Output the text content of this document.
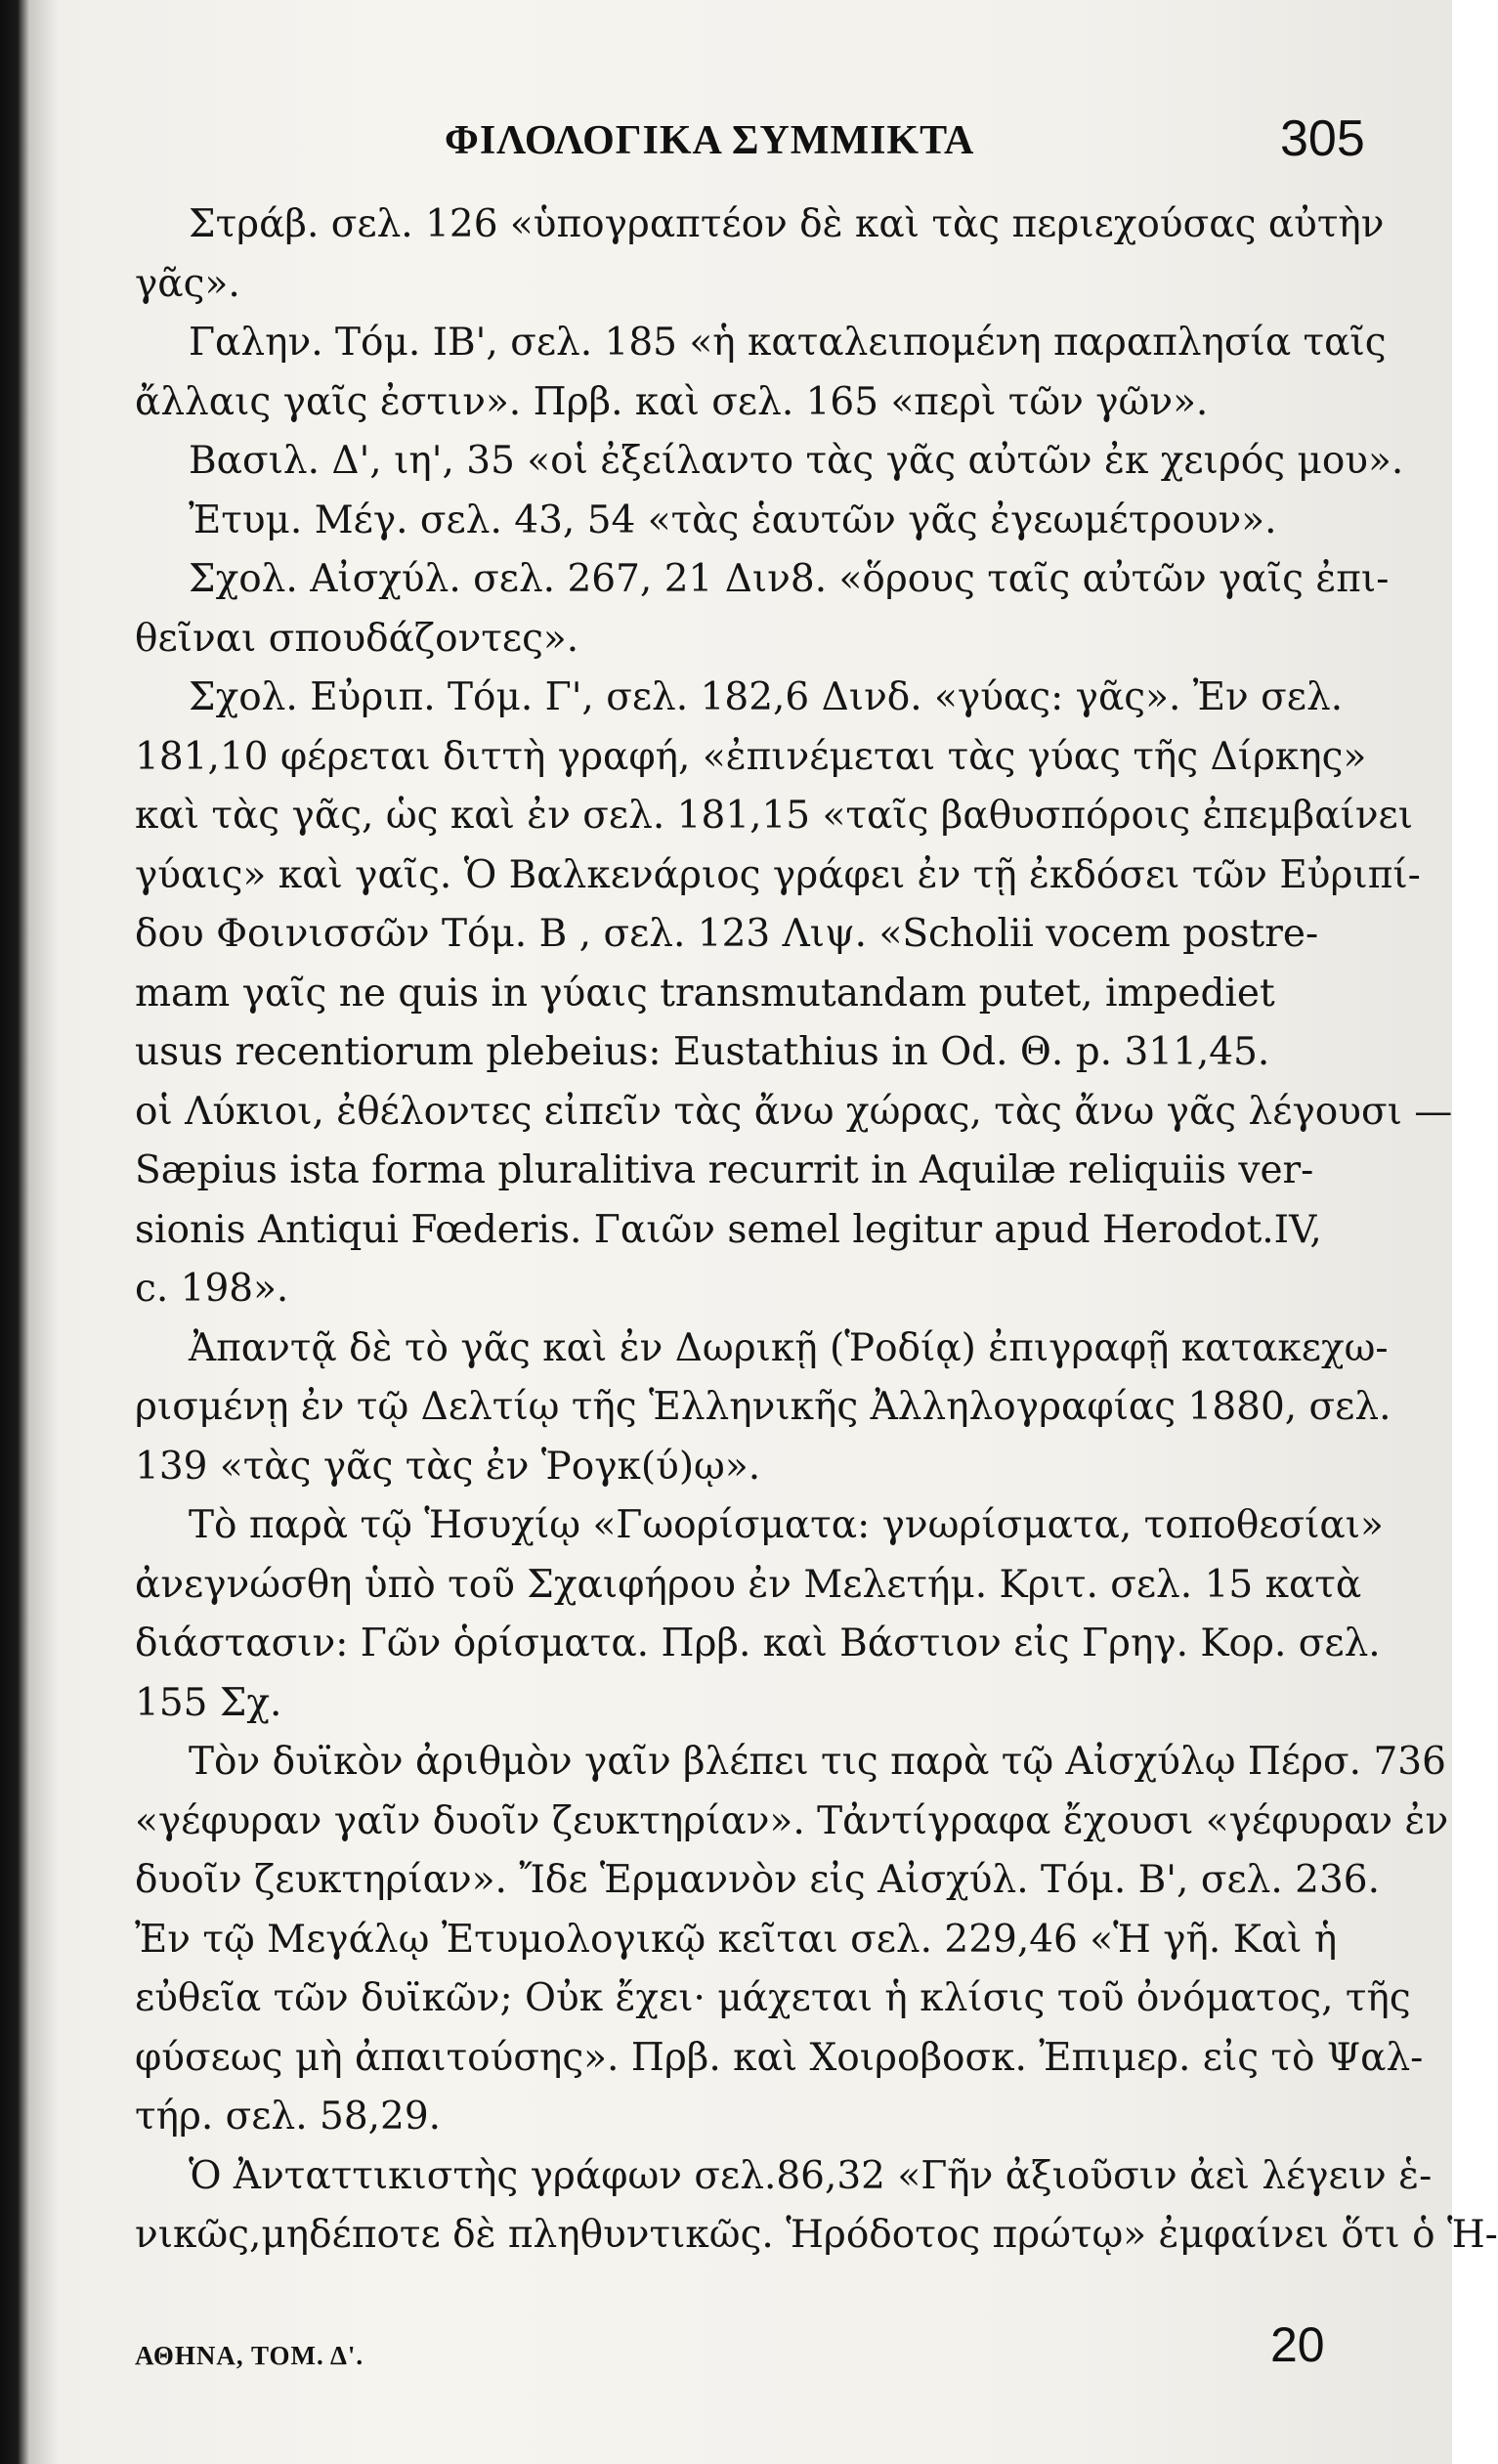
ΦΙΛΟΛΟΓΙΚΑ ΣΥΜΜΙΚΤΑ	305

Στράβ. σελ. 126 «ὑπογραπτέον δὲ καὶ τὰς περιεχούσας αὐτὴν
γᾶς».

Γαλην. Τόμ. ΙΒ', σελ. 185 «ἡ καταλειπομένη παραπλησία ταῖς
ἄλλαις γαῖς ἐστιν». Πρβ. καὶ σελ. 165 «περὶ τῶν γῶν».

Βασιλ. Δ', ιη', 35 «οἱ ἐξείλαντο τὰς γᾶς αὐτῶν ἐκ χειρός μου».

Ἐτυμ. Μέγ. σελ. 43, 54 «τὰς ἑαυτῶν γᾶς ἐγεωμέτρουν».

Σχολ. Αἰσχύλ. σελ. 267, 21 Διν8. «ὅρους ταῖς αὐτῶν γαῖς ἐπι-
θεῖναι σπουδάζοντες».

Σχολ. Εὐριπ. Τόμ. Γ', σελ. 182,6 Δινδ. «γύας: γᾶς». Ἐν σελ.
181,10 φέρεται διττὴ γραφή, «ἐπινέμεται τὰς γύας τῆς Δίρκης»
καὶ τὰς γᾶς, ὡς καὶ ἐν σελ. 181,15 «ταῖς βαθυσπόροις ἐπεμβαίνει
γύαις» καὶ γαῖς. Ὁ Βαλκενάριος γράφει ἐν τῇ ἐκδόσει τῶν Εὐριπί-
δου Φοινισσῶν Τόμ. Β , σελ. 123 Λιψ. «Scholii vocem postre-
mam γαῖς ne quis in γύαις transmutandam putet, impediet
usus recentiorum plebeius: Eustathius in Od. Θ. p. 311,45.
οἱ Λύκιοι, ἐθέλοντες εἰπεῖν τὰς ἄνω χώρας, τὰς ἄνω γᾶς λέγουσι —
Sæpius ista forma pluralitiva recurrit in Aquilæ reliquiis ver-
sionis Antiqui Fœderis. Γαιῶν semel legitur apud Herodot.IV,
c. 198».

Ἀπαντᾷ δὲ τὸ γᾶς καὶ ἐν Δωρικῇ (Ῥοδίᾳ) ἐπιγραφῇ κατακεχω-
ρισμένῃ ἐν τῷ Δελτίῳ τῆς Ἑλληνικῆς Ἀλληλογραφίας 1880, σελ.
139 «τὰς γᾶς τὰς ἐν Ῥογκ(ύ)ῳ».

Τὸ παρὰ τῷ Ἡσυχίῳ «Γωορίσματα: γνωρίσματα, τοποθεσίαι»
ἀνεγνώσθη ὑπὸ τοῦ Σχαιφήρου ἐν Μελετήμ. Κριτ. σελ. 15 κατὰ
διάστασιν: Γῶν ὁρίσματα. Πρβ. καὶ Βάστιον εἰς Γρηγ. Κορ. σελ.
155 Σχ.

Τὸν δυϊκὸν ἀριθμὸν γαῖν βλέπει τις παρὰ τῷ Αἰσχύλῳ Πέρσ. 736
«γέφυραν γαῖν δυοῖν ζευκτηρίαν». Τἀντίγραφα ἔχουσι «γέφυραν ἐν
δυοῖν ζευκτηρίαν». Ἴδε Ἑρμαννὸν εἰς Αἰσχύλ. Τόμ. Β', σελ. 236.
Ἐν τῷ Μεγάλῳ Ἐτυμολογικῷ κεῖται σελ. 229,46 «Ἡ γῆ. Καὶ ἡ
εὐθεῖα τῶν δυϊκῶν; Οὐκ ἔχει· μάχεται ἡ κλίσις τοῦ ὀνόματος, τῆς
φύσεως μὴ ἀπαιτούσης». Πρβ. καὶ Χοιροβοσκ. Ἐπιμερ. εἰς τὸ Ψαλ-
τήρ. σελ. 58,29.

Ὁ Ἀνταττικιστὴς γράφων σελ.86,32 «Γῆν ἀξιοῦσιν ἀεὶ λέγειν ἑ-
νικῶς,μηδέποτε δὲ πληθυντικῶς. Ἡρόδοτος πρώτῳ» ἐμφαίνει ὅτι ὁ Ἡ-

ΑΘΗΝΑ, ΤΟΜ. Δ'.	20
